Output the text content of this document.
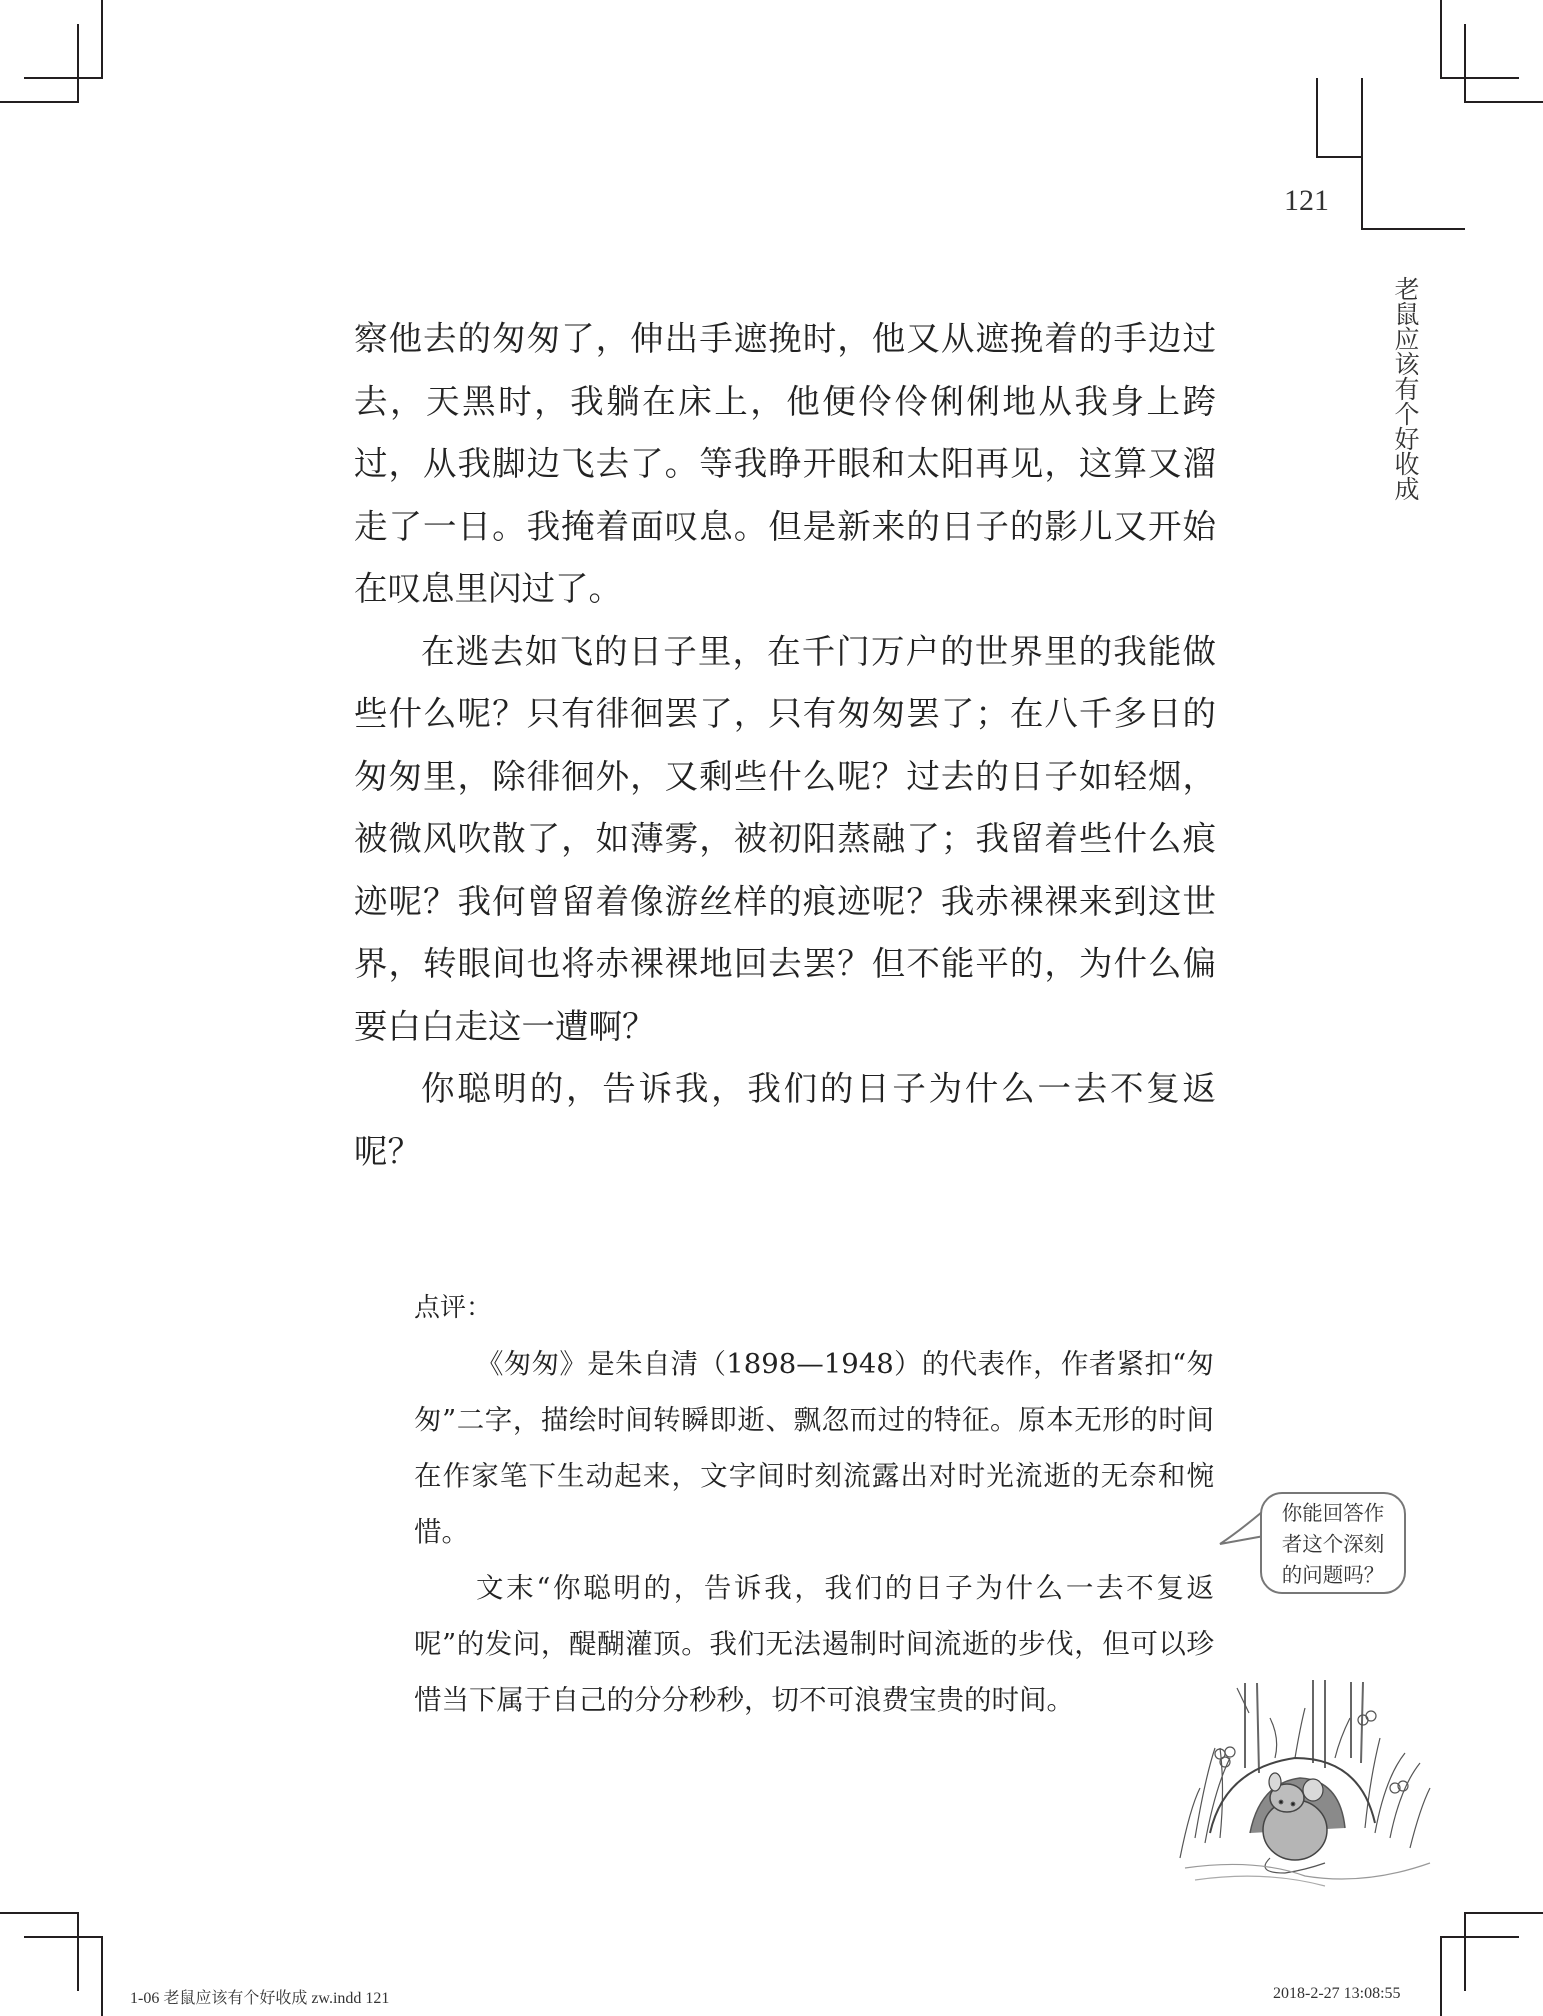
121
老鼠应该有个好收成

察他去的匆匆了，伸出手遮挽时，他又从遮挽着的手边过去，天黑时，我躺在床上，他便伶伶俐俐地从我身上跨过，从我脚边飞去了。等我睁开眼和太阳再见，这算又溜走了一日。我掩着面叹息。但是新来的日子的影儿又开始在叹息里闪过了。

在逃去如飞的日子里，在千门万户的世界里的我能做些什么呢？只有徘徊罢了，只有匆匆罢了；在八千多日的匆匆里，除徘徊外，又剩些什么呢？过去的日子如轻烟，被微风吹散了，如薄雾，被初阳蒸融了；我留着些什么痕迹呢？我何曾留着像游丝样的痕迹呢？我赤裸裸来到这世界，转眼间也将赤裸裸地回去罢？但不能平的，为什么偏要白白走这一遭啊？

你聪明的，告诉我，我们的日子为什么一去不复返呢？

点评：

《匆匆》是朱自清（1898—1948）的代表作，作者紧扣“匆匆”二字，描绘时间转瞬即逝、飘忽而过的特征。原本无形的时间在作家笔下生动起来，文字间时刻流露出对时光流逝的无奈和惋惜。

文末“你聪明的，告诉我，我们的日子为什么一去不复返呢”的发问，醍醐灌顶。我们无法遏制时间流逝的步伐，但可以珍惜当下属于自己的分分秒秒，切不可浪费宝贵的时间。

你能回答作
者这个深刻
的问题吗？
1-06 老鼠应该有个好收成 zw.indd 121	2018-2-27 13:08:55
